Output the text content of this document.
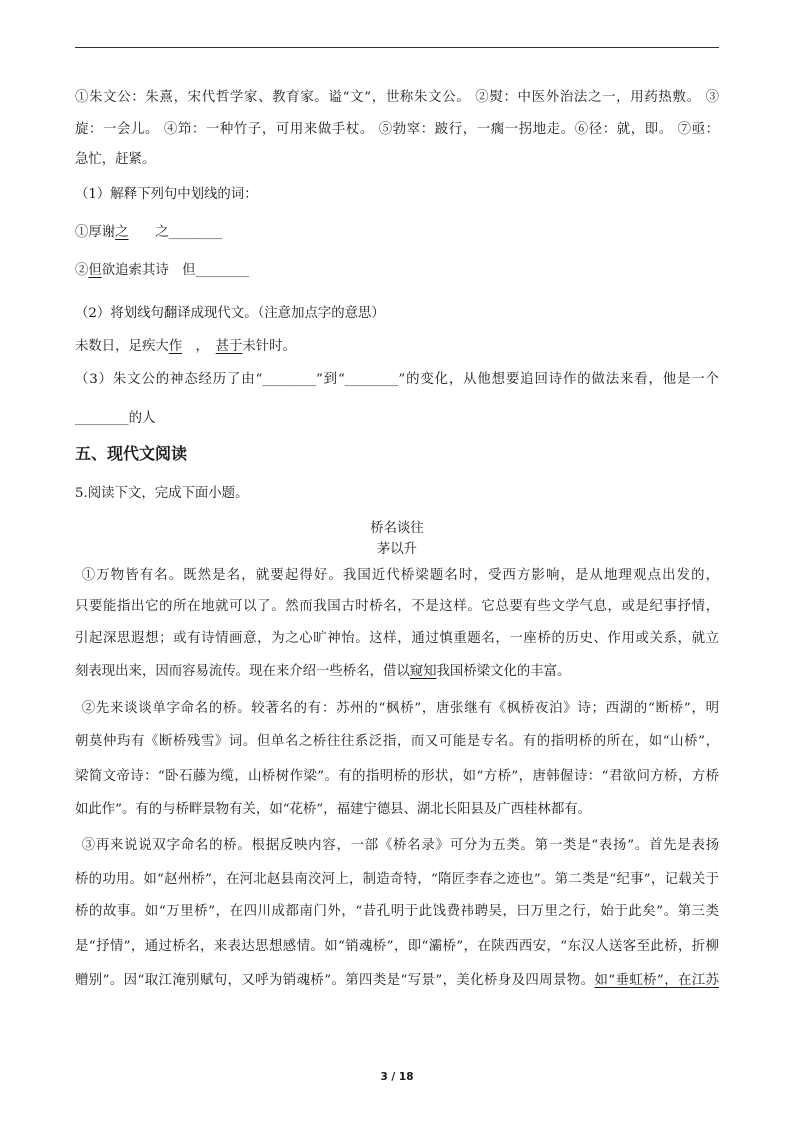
①朱文公：朱熹，宋代哲学家、教育家。谥“文”，世称朱文公。 ②熨：中医外治法之一，用药热敷。 ③
旋：一会儿。 ④笻：一种竹子，可用来做手杖。 ⑤勃窣：跛行，一瘸一拐地走。⑥径：就，即。 ⑦亟：
急忙，赶紧。
（1）解释下列句中划线的词：
①厚谢之　　之________
②但欲追索其诗　但________
（2）将划线句翻译成现代文。（注意加点字的意思）
未数日，足疾大作　，　甚于未针时。
（3）朱文公的神态经历了由“________”到“________”的变化，从他想要追回诗作的做法来看，他是一个
________的人
五、现代文阅读
5.阅读下文，完成下面小题。
桥名谈往
茅以升
①万物皆有名。既然是名，就要起得好。我国近代桥梁题名时，受西方影响，是从地理观点出发的，
只要能指出它的所在地就可以了。然而我国古时桥名，不是这样。它总要有些文学气息，或是纪事抒情，
引起深思遐想；或有诗情画意，为之心旷神怡。这样，通过慎重题名，一座桥的历史、作用或关系，就立
刻表现出来，因而容易流传。现在来介绍一些桥名，借以窥知我国桥梁文化的丰富。
②先来谈谈单字命名的桥。较著名的有：苏州的“枫桥”，唐张继有《枫桥夜泊》诗；西湖的“断桥”，明
朝莫仲玙有《断桥残雪》词。但单名之桥往往系泛指，而又可能是专名。有的指明桥的所在，如“山桥”，
梁简文帝诗：“卧石藤为缆，山桥树作梁”。有的指明桥的形状，如“方桥”，唐韩偓诗：“君欲问方桥，方桥
如此作”。有的与桥畔景物有关，如“花桥”，福建宁德县、湖北长阳县及广西桂林都有。
③再来说说双字命名的桥。根据反映内容，一部《桥名录》可分为五类。第一类是“表扬”。首先是表扬
桥的功用。如“赵州桥”，在河北赵县南洨河上，制造奇特，“隋匠李春之迹也”。第二类是“纪事”，记载关于
桥的故事。如“万里桥”，在四川成都南门外，“昔孔明于此饯费祎聘吴，曰万里之行，始于此矣”。第三类
是“抒情”，通过桥名，来表达思想感情。如“销魂桥”，即“灞桥”，在陕西西安，“东汉人送客至此桥，折柳
赠别”。因“取江淹别赋句，又呼为销魂桥”。第四类是“写景”，美化桥身及四周景物。如“垂虹桥”，在江苏
3 / 18
